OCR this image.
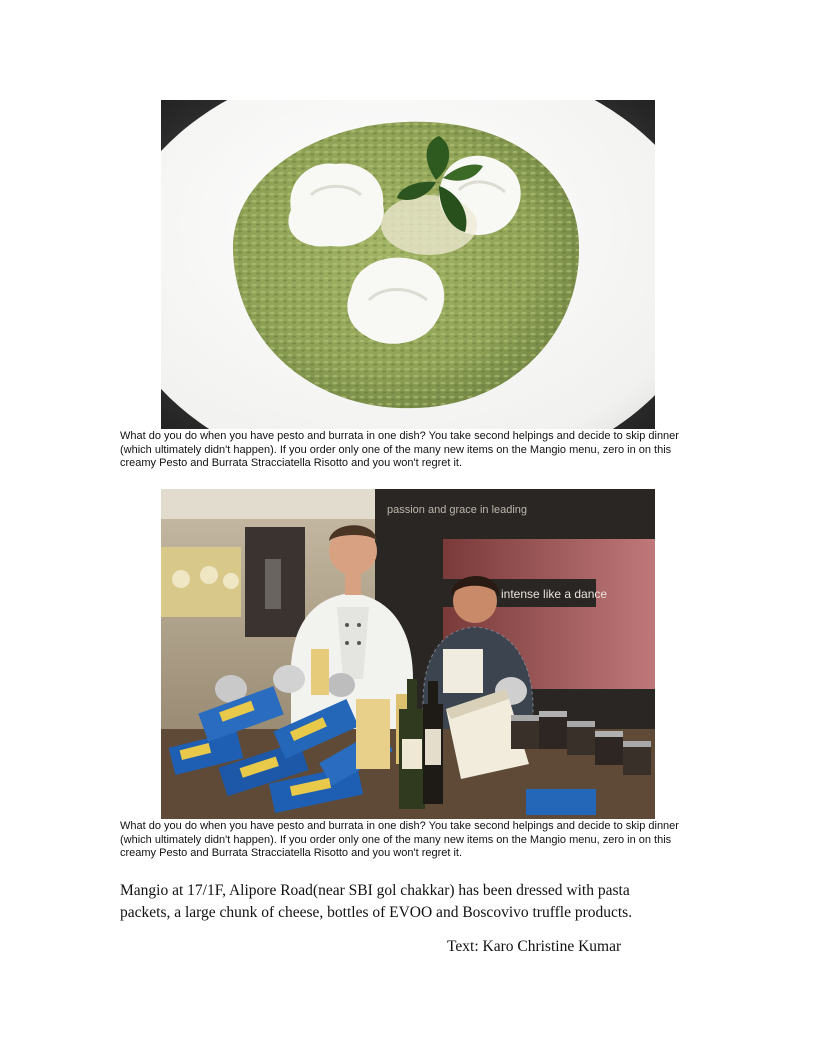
What do you do when you have pesto and burrata in one dish? You take second helpings and decide to skip dinner (which ultimately didn't happen). If you order only one of the many new items on the Mangio menu, zero in on this creamy Pesto and Burrata Stracciatella Risotto and you won't regret it.

passion and grace in leading
intense like a dance

What do you do when you have pesto and burrata in one dish? You take second helpings and decide to skip dinner (which ultimately didn't happen). If you order only one of the many new items on the Mangio menu, zero in on this creamy Pesto and Burrata Stracciatella Risotto and you won't regret it.

Mangio at 17/1F, Alipore Road(near SBI gol chakkar) has been dressed with pasta packets, a large chunk of cheese, bottles of EVOO and Boscovivo truffle products.

Text: Karo Christine Kumar
